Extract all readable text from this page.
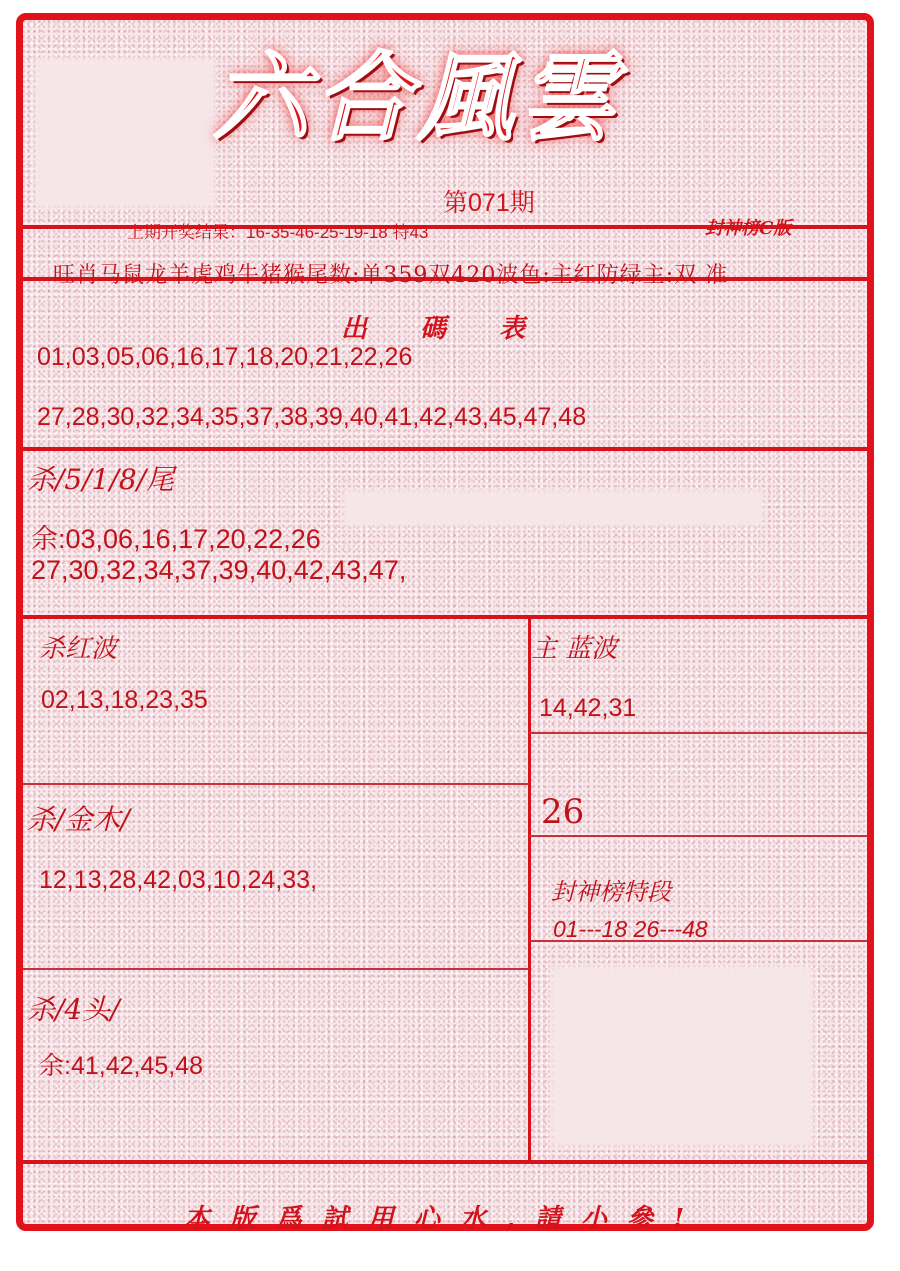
六 合 風 雲
第071期
上期开奖结果：16-35-46-25-19-18 特43	封神榜C版
旺肖马鼠龙羊虎鸡牛猪猴尾数:单359双420波色:主红防绿主:双 准
出 碼 表
01,03,05,06,16,17,18,20,21,22,26
27,28,30,32,34,35,37,38,39,40,41,42,43,45,47,48
杀/5/1/8/尾
余:03,06,16,17,20,22,26
27,30,32,34,37,39,40,42,43,47,
杀红波
02,13,18,23,35
杀/金木/
12,13,28,42,03,10,24,33,
杀/4头/
余:41,42,45,48
主 蓝波
14,42,31
26
封神榜特段
01---18 26---48
本版爲試用心水,請小參!
